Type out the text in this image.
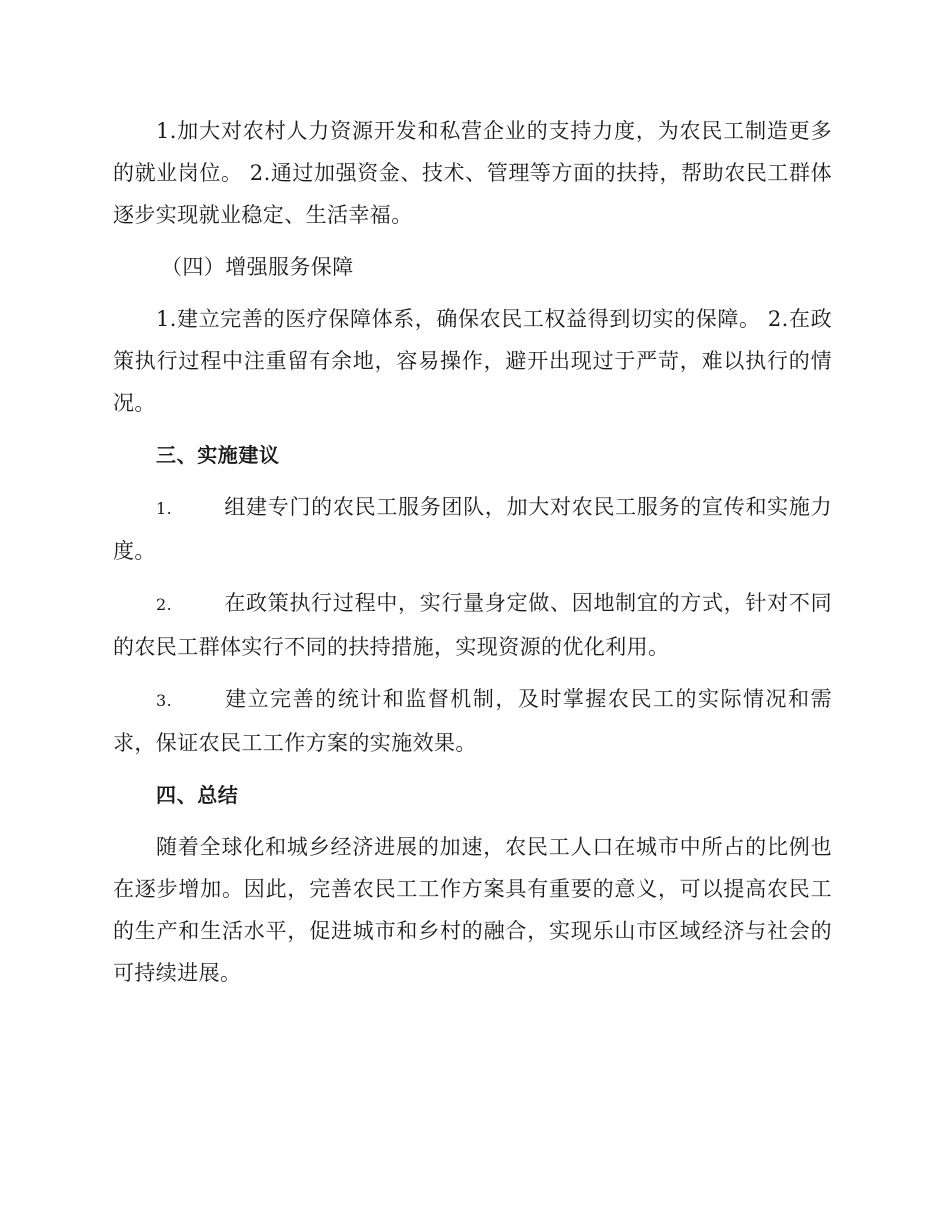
1.加大对农村人力资源开发和私营企业的支持力度，为农民工制造更多的就业岗位。 2.通过加强资金、技术、管理等方面的扶持，帮助农民工群体逐步实现就业稳定、生活幸福。

（四）增强服务保障

1.建立完善的医疗保障体系，确保农民工权益得到切实的保障。 2.在政策执行过程中注重留有余地，容易操作，避开出现过于严苛，难以执行的情况。

三、实施建议

1. 组建专门的农民工服务团队，加大对农民工服务的宣传和实施力度。

2. 在政策执行过程中，实行量身定做、因地制宜的方式，针对不同的农民工群体实行不同的扶持措施，实现资源的优化利用。

3. 建立完善的统计和监督机制，及时掌握农民工的实际情况和需求，保证农民工工作方案的实施效果。

四、总结

随着全球化和城乡经济进展的加速，农民工人口在城市中所占的比例也在逐步增加。因此，完善农民工工作方案具有重要的意义，可以提高农民工的生产和生活水平，促进城市和乡村的融合，实现乐山市区域经济与社会的可持续进展。
